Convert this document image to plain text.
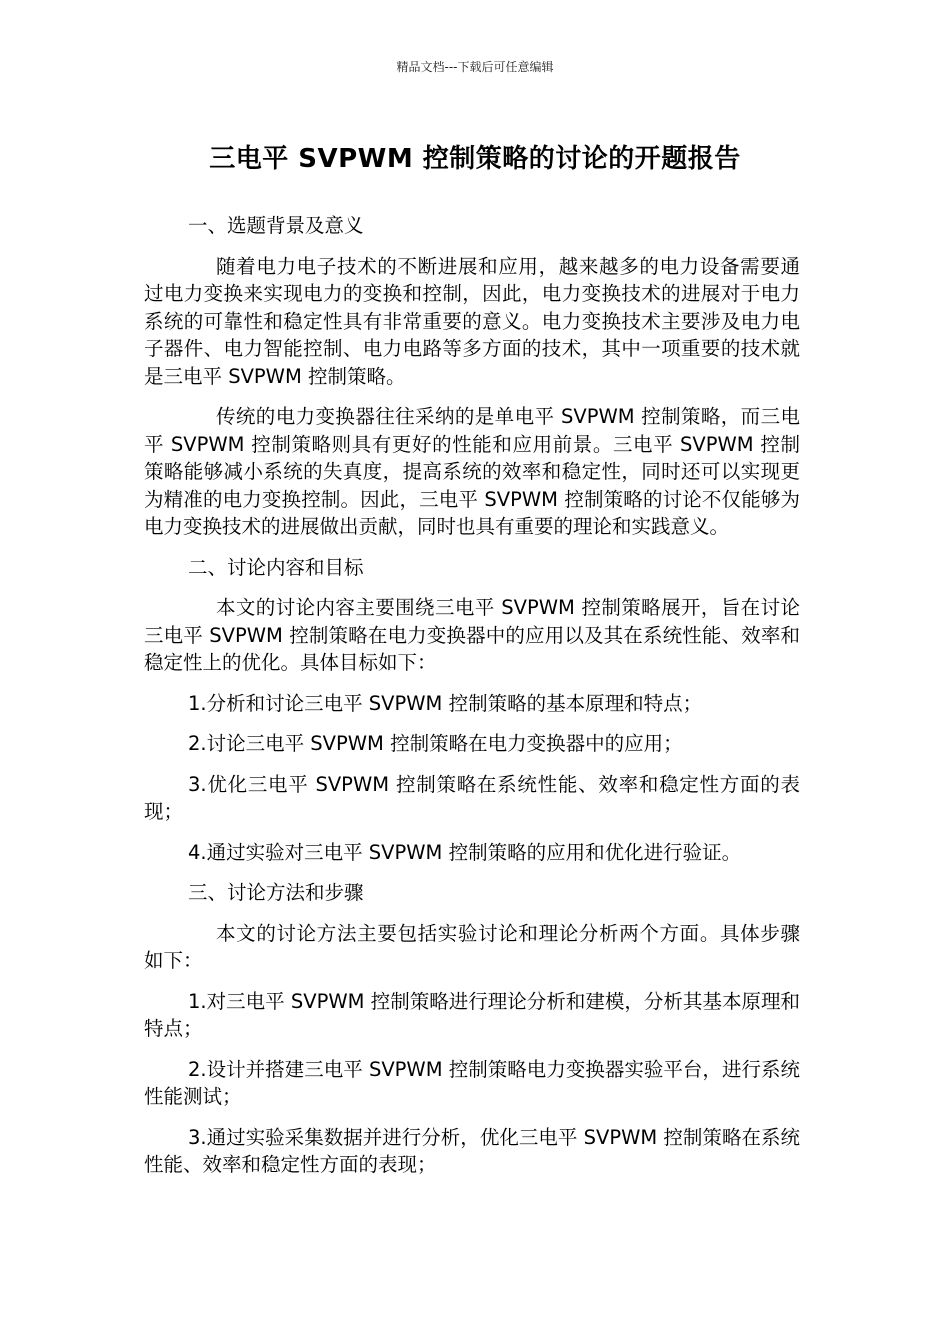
精品文档---下载后可任意编辑
三电平 SVPWM 控制策略的讨论的开题报告
一、选题背景及意义

随着电力电子技术的不断进展和应用，越来越多的电力设备需要通过电力变换来实现电力的变换和控制，因此，电力变换技术的进展对于电力系统的可靠性和稳定性具有非常重要的意义。电力变换技术主要涉及电力电子器件、电力智能控制、电力电路等多方面的技术，其中一项重要的技术就是三电平 SVPWM 控制策略。

传统的电力变换器往往采纳的是单电平 SVPWM 控制策略，而三电平 SVPWM 控制策略则具有更好的性能和应用前景。三电平 SVPWM 控制策略能够减小系统的失真度，提高系统的效率和稳定性，同时还可以实现更为精准的电力变换控制。因此，三电平 SVPWM 控制策略的讨论不仅能够为电力变换技术的进展做出贡献，同时也具有重要的理论和实践意义。

二、讨论内容和目标

本文的讨论内容主要围绕三电平 SVPWM 控制策略展开，旨在讨论三电平 SVPWM 控制策略在电力变换器中的应用以及其在系统性能、效率和稳定性上的优化。具体目标如下：

1.分析和讨论三电平 SVPWM 控制策略的基本原理和特点；

2.讨论三电平 SVPWM 控制策略在电力变换器中的应用；

3.优化三电平 SVPWM 控制策略在系统性能、效率和稳定性方面的表现；

4.通过实验对三电平 SVPWM 控制策略的应用和优化进行验证。

三、讨论方法和步骤

本文的讨论方法主要包括实验讨论和理论分析两个方面。具体步骤如下：

1.对三电平 SVPWM 控制策略进行理论分析和建模，分析其基本原理和特点；

2.设计并搭建三电平 SVPWM 控制策略电力变换器实验平台，进行系统性能测试；

3.通过实验采集数据并进行分析，优化三电平 SVPWM 控制策略在系统性能、效率和稳定性方面的表现；
